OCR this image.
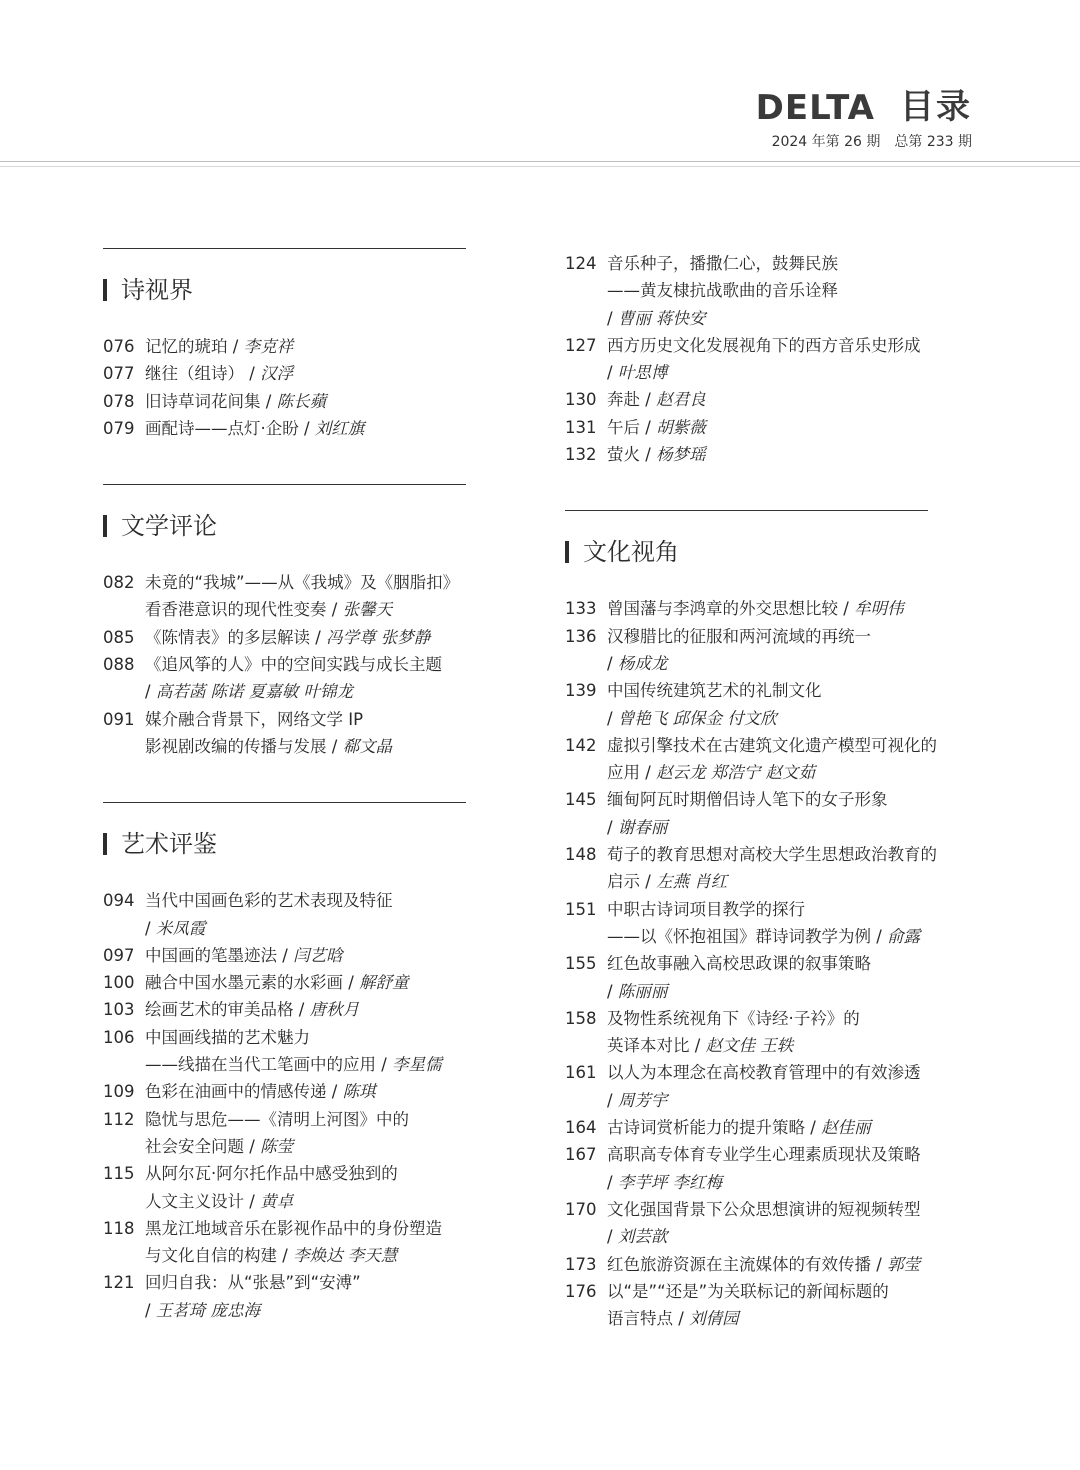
DELTA 目录
2024 年第 26 期 总第 233 期
诗视界
076 记忆的琥珀 / 李克祥
077 继往（组诗） / 汉浮
078 旧诗草词花间集 / 陈长蘋
079 画配诗——点灯·企盼 / 刘红旗
文学评论
082 未竟的“我城”——从《我城》及《胭脂扣》
看香港意识的现代性变奏 / 张馨天
085 《陈情表》的多层解读 / 冯学尊 张梦静
088 《追风筝的人》中的空间实践与成长主题
/ 高若菡 陈诺 夏嘉敏 叶锦龙
091 媒介融合背景下，网络文学 IP
影视剧改编的传播与发展 / 郗文晶
艺术评鉴
094 当代中国画色彩的艺术表现及特征
/ 米凤霞
097 中国画的笔墨迹法 / 闫艺晗
100 融合中国水墨元素的水彩画 / 解舒童
103 绘画艺术的审美品格 / 唐秋月
106 中国画线描的艺术魅力
——线描在当代工笔画中的应用 / 李星儒
109 色彩在油画中的情感传递 / 陈琪
112 隐忧与思危——《清明上河图》中的
社会安全问题 / 陈莹
115 从阿尔瓦·阿尔托作品中感受独到的
人文主义设计 / 黄卓
118 黑龙江地域音乐在影视作品中的身份塑造
与文化自信的构建 / 李焕达 李天慧
121 回归自我：从“张悬”到“安溥”
/ 王茗琦 庞忠海
124 音乐种子，播撒仁心，鼓舞民族
——黄友棣抗战歌曲的音乐诠释
/ 曹丽 蒋快安
127 西方历史文化发展视角下的西方音乐史形成
/ 叶思博
130 奔赴 / 赵君良
131 午后 / 胡紫薇
132 萤火 / 杨梦瑶
文化视角
133 曾国藩与李鸿章的外交思想比较 / 牟明伟
136 汉穆腊比的征服和两河流域的再统一
/ 杨成龙
139 中国传统建筑艺术的礼制文化
/ 曾艳飞 邱保金 付文欣
142 虚拟引擎技术在古建筑文化遗产模型可视化的
应用 / 赵云龙 郑浩宁 赵文茹
145 缅甸阿瓦时期僧侣诗人笔下的女子形象
/ 谢春丽
148 荀子的教育思想对高校大学生思想政治教育的
启示 / 左燕 肖红
151 中职古诗词项目教学的探行
——以《怀抱祖国》群诗词教学为例 / 俞露
155 红色故事融入高校思政课的叙事策略
/ 陈丽丽
158 及物性系统视角下《诗经·子衿》的
英译本对比 / 赵文佳 王轶
161 以人为本理念在高校教育管理中的有效渗透
/ 周芳宇
164 古诗词赏析能力的提升策略 / 赵佳丽
167 高职高专体育专业学生心理素质现状及策略
/ 李芋坪 李红梅
170 文化强国背景下公众思想演讲的短视频转型
/ 刘芸歆
173 红色旅游资源在主流媒体的有效传播 / 郭莹
176 以“是”“还是”为关联标记的新闻标题的
语言特点 / 刘倩园
